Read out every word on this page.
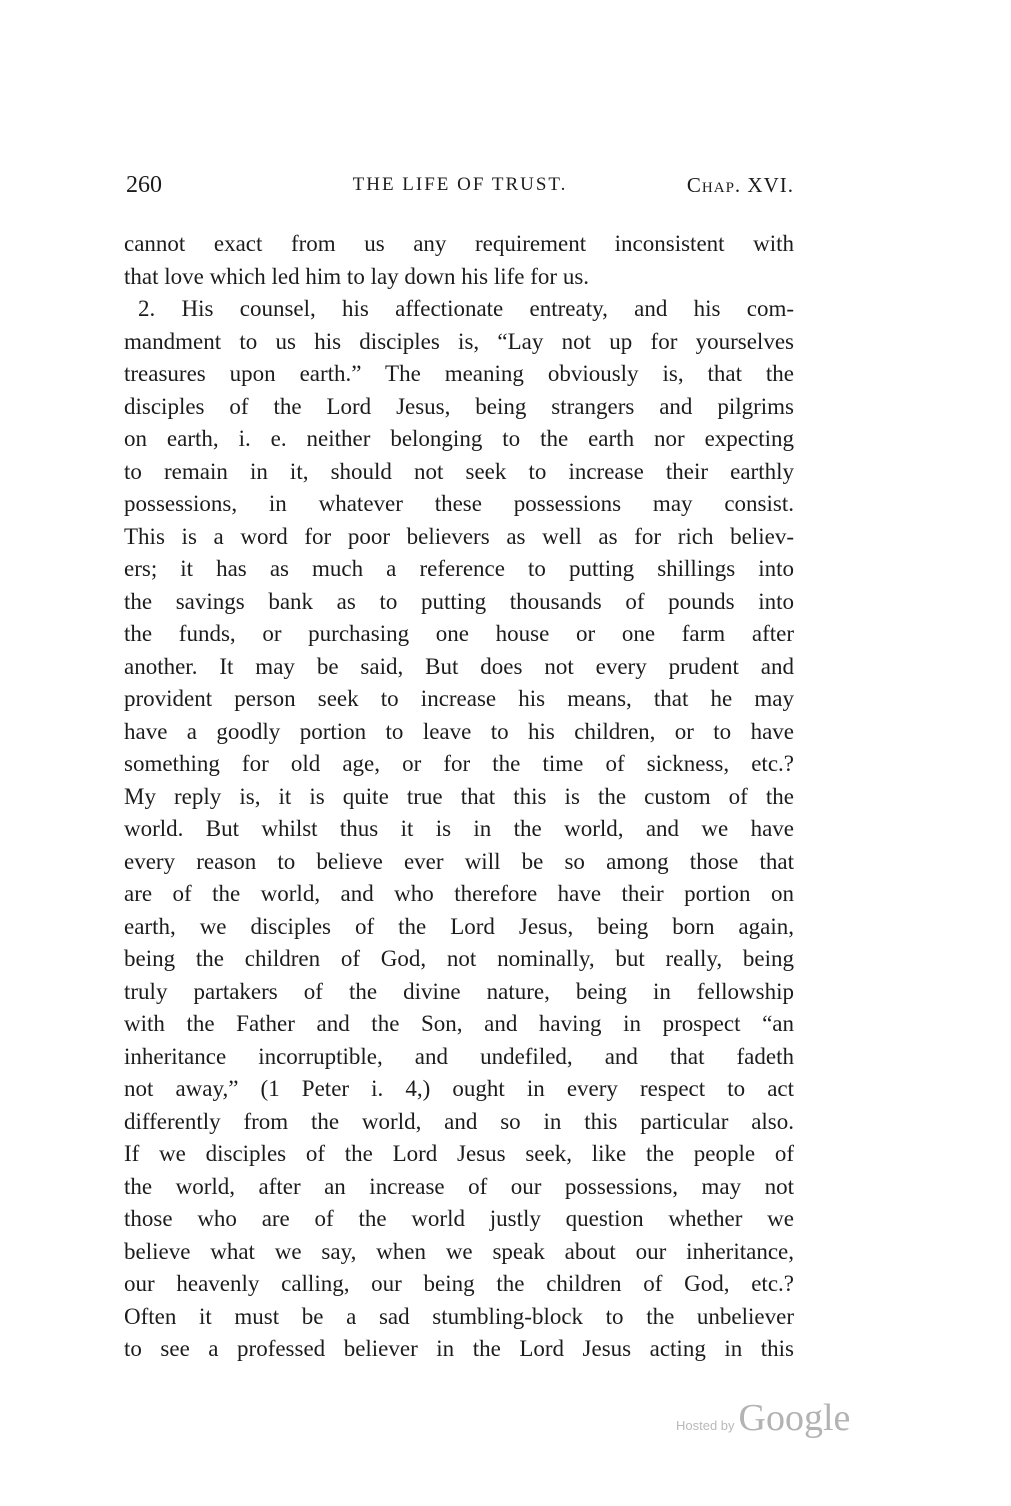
260	THE LIFE OF TRUST.	Chap. XVI.
cannot exact from us any requirement inconsistent with
that love which led him to lay down his life for us.
2. His counsel, his affectionate entreaty, and his com-
mandment to us his disciples is, “Lay not up for yourselves
treasures upon earth.” The meaning obviously is, that the
disciples of the Lord Jesus, being strangers and pilgrims
on earth, i. e. neither belonging to the earth nor expecting
to remain in it, should not seek to increase their earthly
possessions, in whatever these possessions may consist.
This is a word for poor believers as well as for rich believ-
ers; it has as much a reference to putting shillings into
the savings bank as to putting thousands of pounds into
the funds, or purchasing one house or one farm after
another. It may be said, But does not every prudent and
provident person seek to increase his means, that he may
have a goodly portion to leave to his children, or to have
something for old age, or for the time of sickness, etc.?
My reply is, it is quite true that this is the custom of the
world. But whilst thus it is in the world, and we have
every reason to believe ever will be so among those that
are of the world, and who therefore have their portion on
earth, we disciples of the Lord Jesus, being born again,
being the children of God, not nominally, but really, being
truly partakers of the divine nature, being in fellowship
with the Father and the Son, and having in prospect “an
inheritance incorruptible, and undefiled, and that fadeth
not away,” (1 Peter i. 4,) ought in every respect to act
differently from the world, and so in this particular also.
If we disciples of the Lord Jesus seek, like the people of
the world, after an increase of our possessions, may not
those who are of the world justly question whether we
believe what we say, when we speak about our inheritance,
our heavenly calling, our being the children of God, etc.?
Often it must be a sad stumbling-block to the unbeliever
to see a professed believer in the Lord Jesus acting in this
Hosted by Google
